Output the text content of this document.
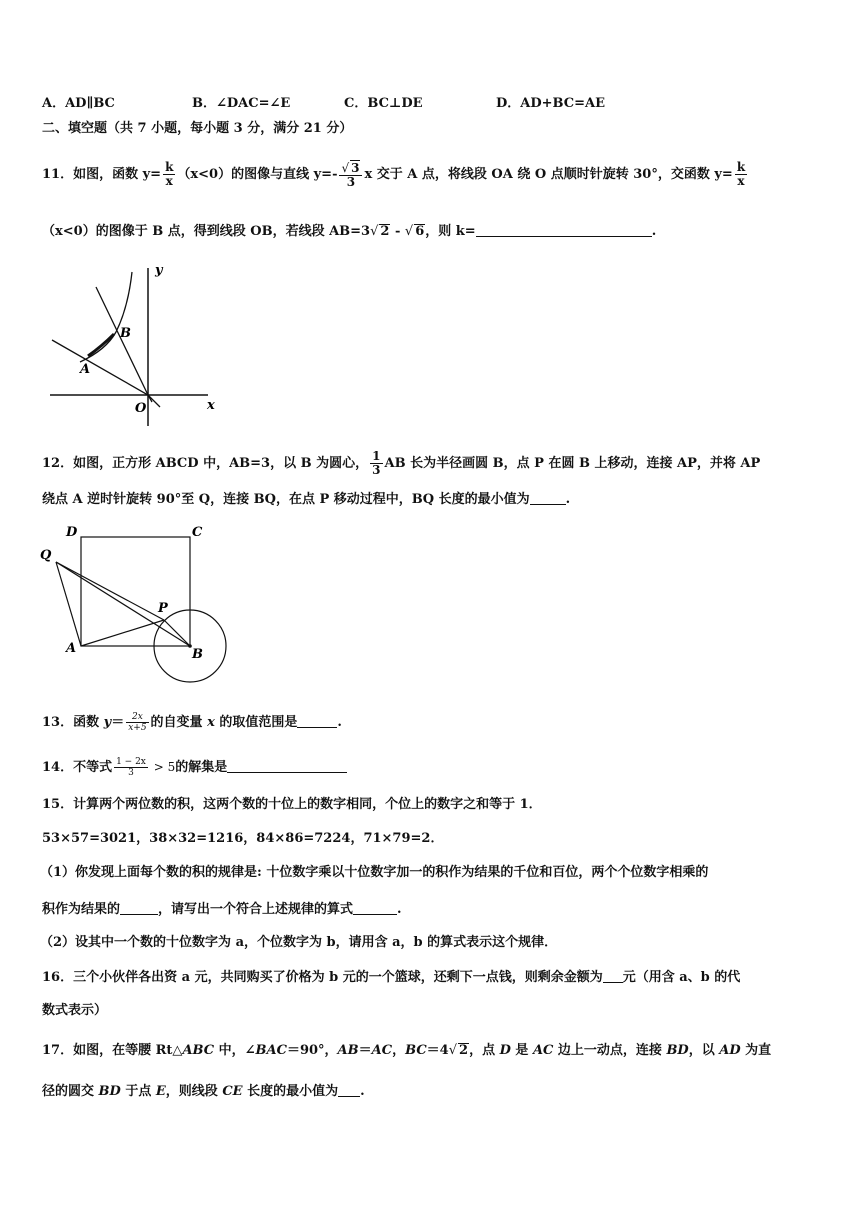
A．AD∥BC	B．∠DAC=∠E	C．BC⊥DE	D．AD+BC=AE
二、填空题（共 7 小题，每小题 3 分，满分 21 分）
11．如图，函数 $y= \frac{k}{x} (x<0)$的图像与直线 $y=- \frac{√ 3}{3}$ x 交于 A 点，将线段 OA 绕 O 点顺时针旋转 30°，交函数 $y= \frac{k}{x}$
（x<0）的图像于 B 点，得到线段 OB，若线段 AB=3√ 2 - √ 6，则 k=	.
y
x
O
A
B
12．如图，正方形 ABCD 中，AB=3，以 B 为圆心， $\frac{1}{3}$ AB 长为半径画圆 B，点 P 在圆 B 上移动，连接 AP，并将 AP
绕点 A 逆时针旋转 90°至 Q，连接 BQ，在点 P 移动过程中，BQ 长度的最小值为	.
D	C
Q
P
A	B
13．函数 $y= \frac{2x}{x+5}$ 的自变量 x 的取值范围是	.
14．不等式 $\frac{1 - 2x}{3} > 5$的解集是
15．计算两个两位数的积，这两个数的十位上的数字相同，个位上的数字之和等于 1．
53×57=3021，38×32=1216，84×86=7224，71×79=2．
（1）你发现上面每个数的积的规律是: 十位数字乘以十位数字加一的积作为结果的千位和百位，两个个位数字相乘的
积作为结果的	，请写出一个符合上述规律的算式	.
（2）设其中一个数的十位数字为 a，个位数字为 b，请用含 a，b 的算式表示这个规律．
16．三个小伙伴各出资 a 元，共同购买了价格为 b 元的一个篮球，还剩下一点钱，则剩余金额为 元（用含 a、b 的代
数式表示）
17．如图，在等腰 Rt△ABC 中，∠BAC＝90°，AB＝AC，BC＝4√ 2，点 D 是 AC 边上一动点，连接 BD，以 AD 为直
径的圆交 BD 于点 E，则线段 CE 长度的最小值为 .
